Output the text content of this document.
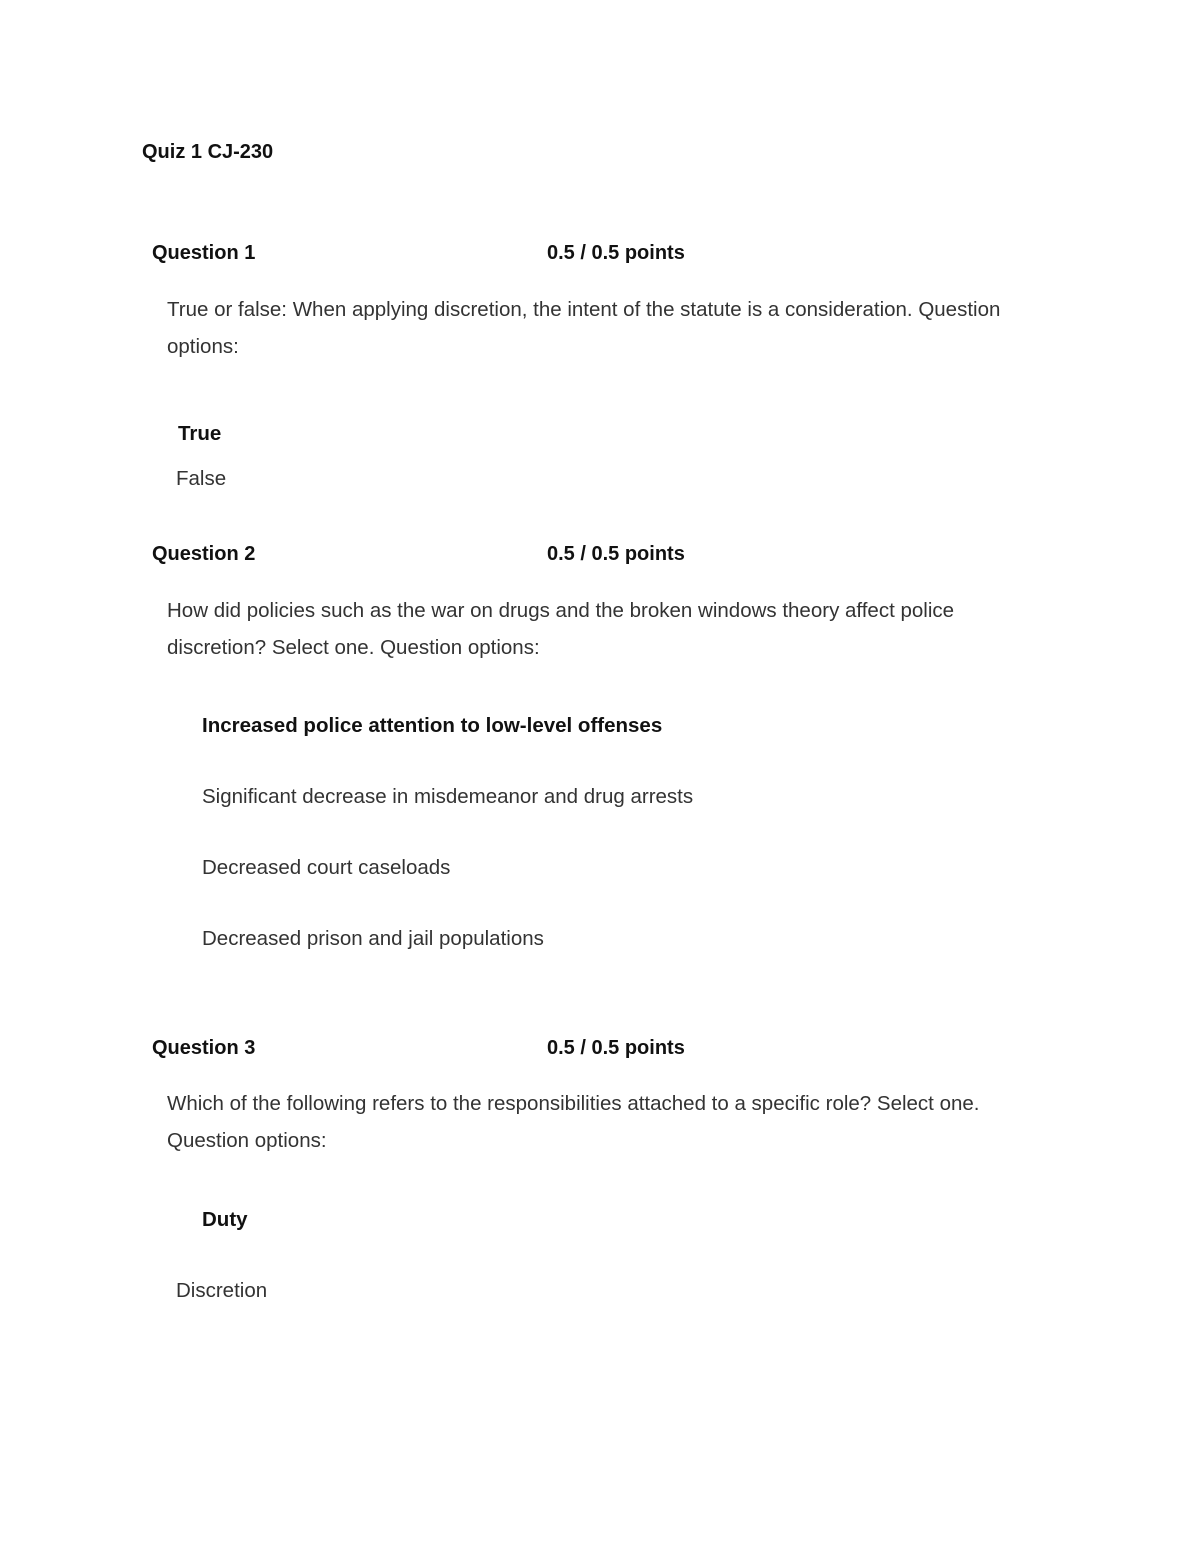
Quiz 1 CJ-230
Question 1	0.5 / 0.5 points
True or false: When applying discretion, the intent of the statute is a consideration. Question
options:
True
False
Question 2	0.5 / 0.5 points
How did policies such as the war on drugs and the broken windows theory affect police
discretion? Select one. Question options:
Increased police attention to low-level offenses
Significant decrease in misdemeanor and drug arrests
Decreased court caseloads
Decreased prison and jail populations
Question 3	0.5 / 0.5 points
Which of the following refers to the responsibilities attached to a specific role? Select one.
Question options:
Duty
Discretion
